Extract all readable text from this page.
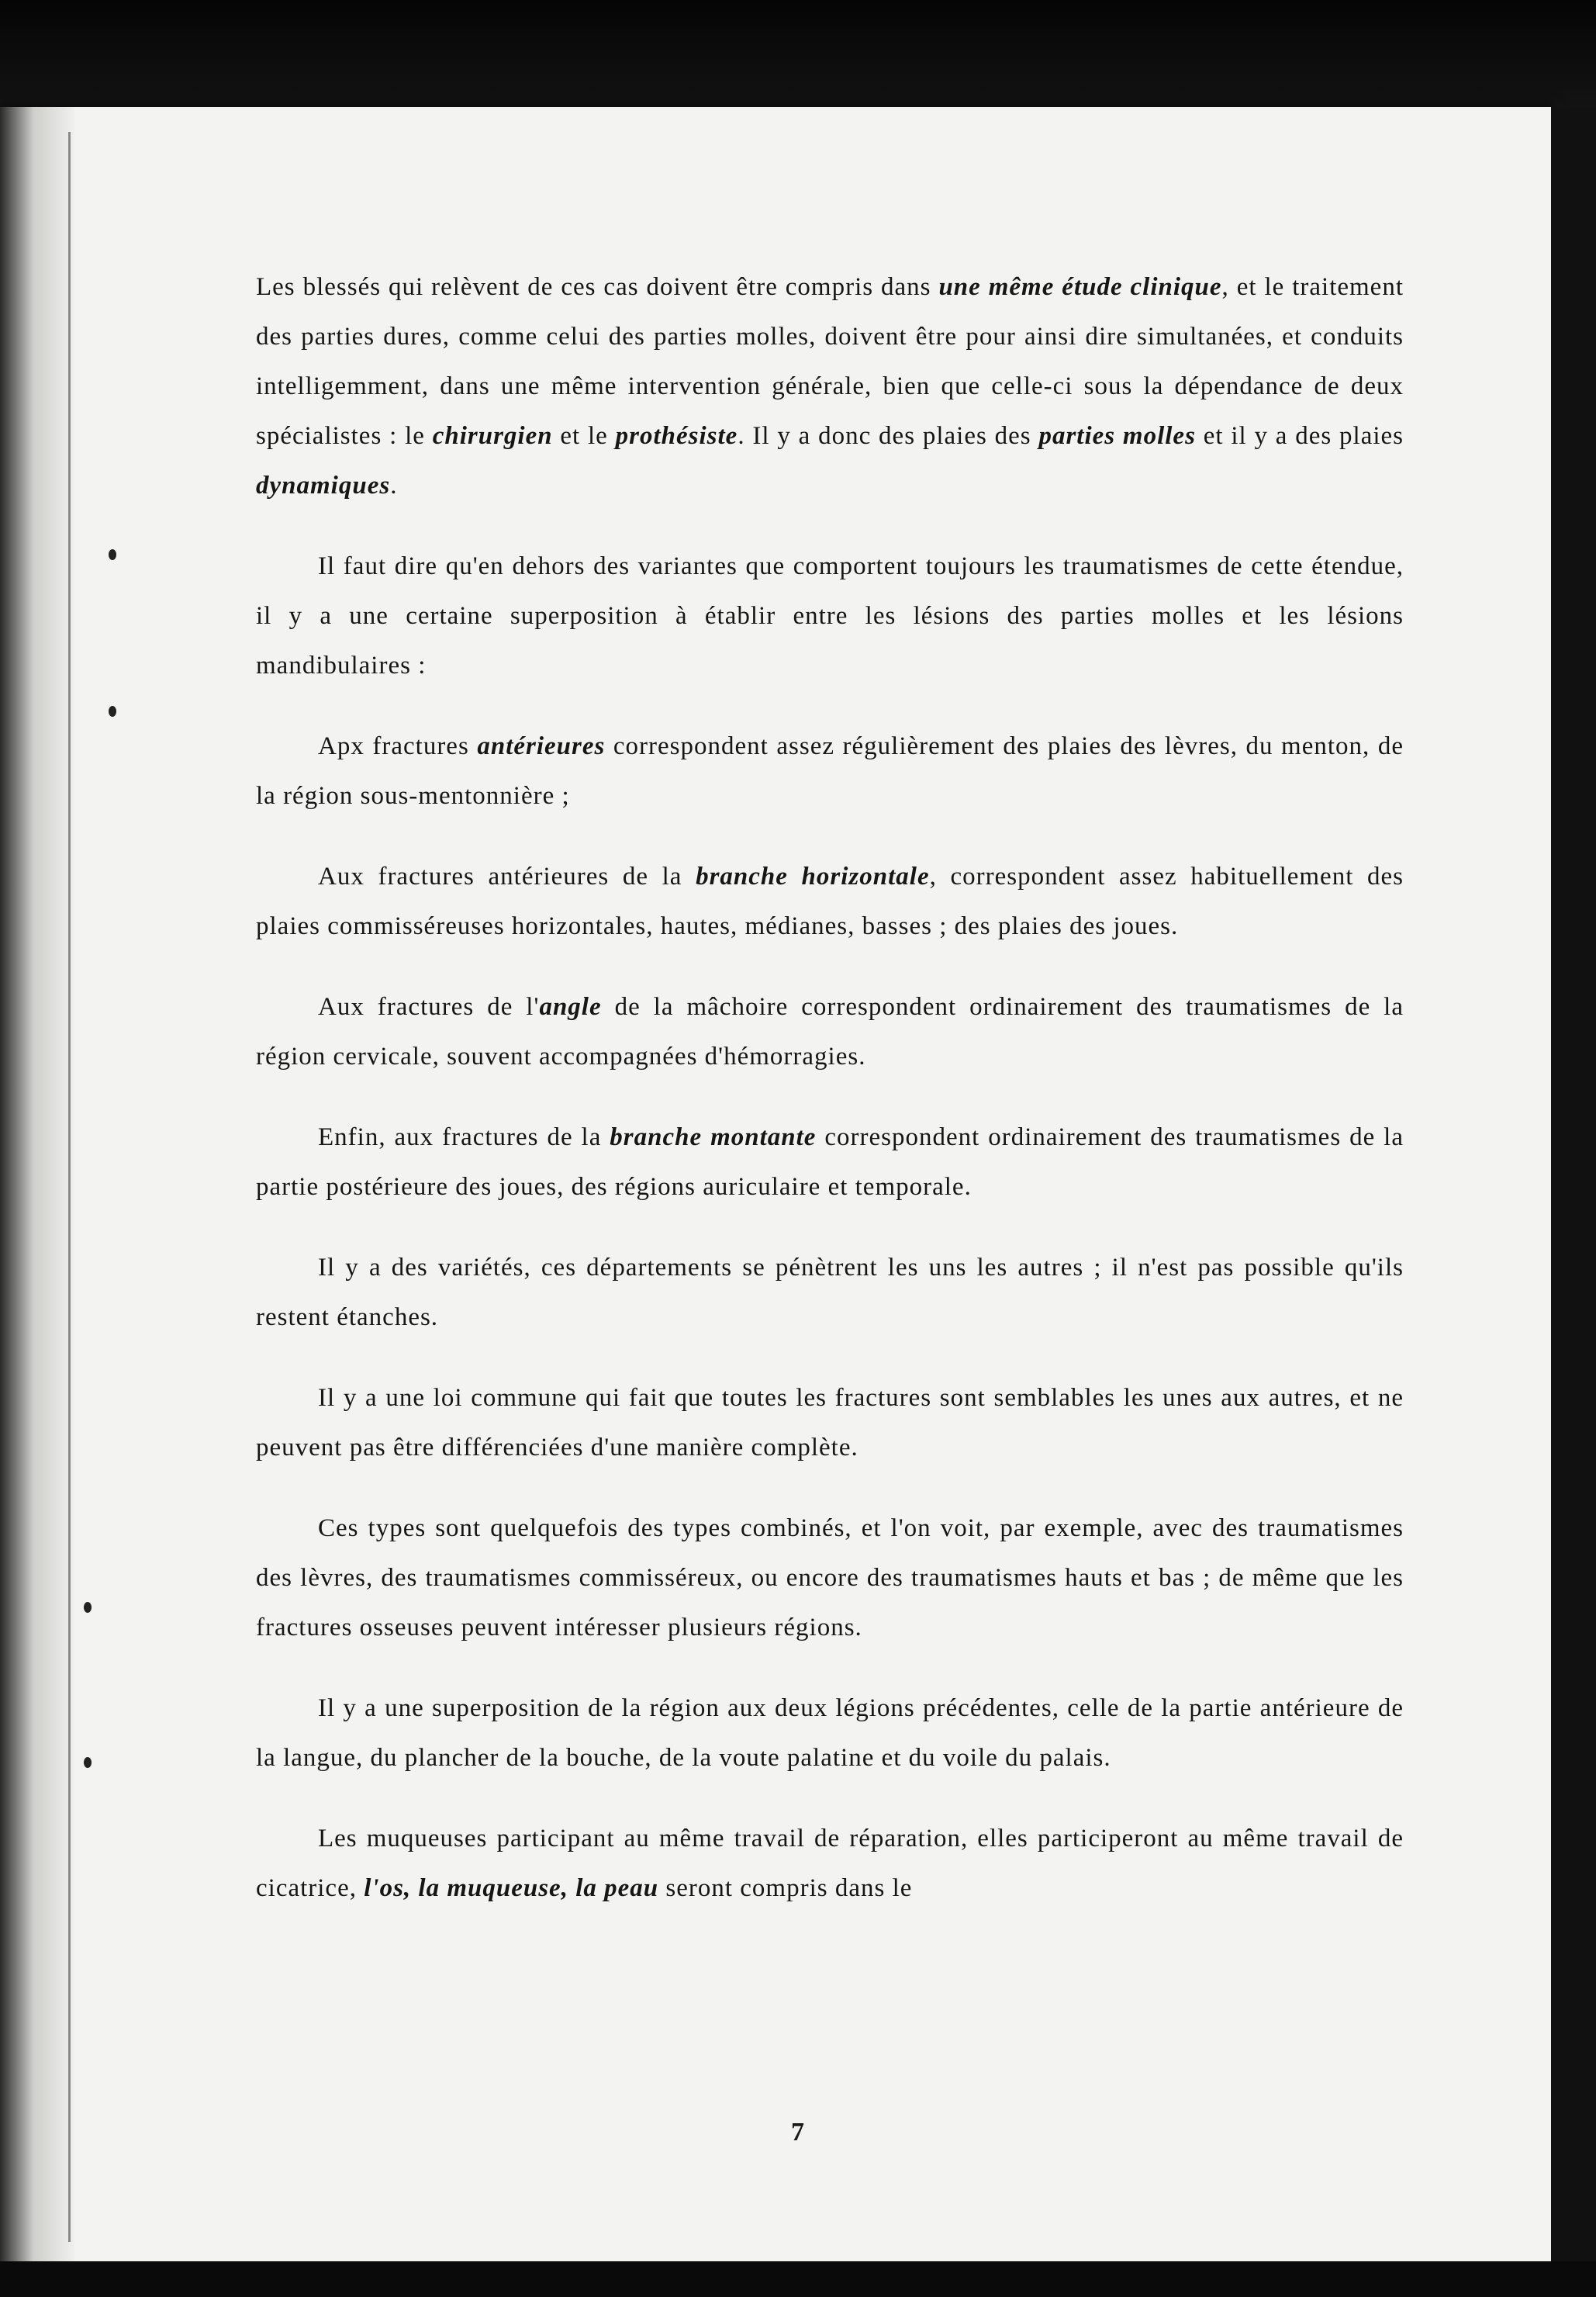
Les blessés qui relèvent de ces cas doivent être compris dans une même étude clinique, et le traitement des parties dures, comme celui des parties molles, doivent être pour ainsi dire simultanées, et conduits intelligemment, dans une même intervention générale, bien que celle-ci sous la dépendance de deux spécialistes : le chirurgien et le prothésiste. Il y a donc des plaies des parties molles et il y a des plaies dynamiques.

Il faut dire qu'en dehors des variantes que comportent toujours les traumatismes de cette étendue, il y a une certaine superposition à établir entre les lésions des parties molles et les lésions mandibulaires :

Apx fractures antérieures correspondent assez régulièrement des plaies des lèvres, du menton, de la région sous-mentonnière ;

Aux fractures antérieures de la branche horizontale, correspondent assez habituellement des plaies commisséreuses horizontales, hautes, médianes, basses ; des plaies des joues.

Aux fractures de l'angle de la mâchoire correspondent ordinairement des traumatismes de la région cervicale, souvent accompagnées d'hémorragies.

Enfin, aux fractures de la branche montante correspondent ordinairement des traumatismes de la partie postérieure des joues, des régions auriculaire et temporale.

Il y a des variétés, ces départements se pénètrent les uns les autres ; il n'est pas possible qu'ils restent étanches.

Il y a une loi commune qui fait que toutes les fractures sont semblables les unes aux autres, et ne peuvent pas être différenciées d'une manière complète.

Ces types sont quelquefois des types combinés, et l'on voit, par exemple, avec des traumatismes des lèvres, des traumatismes commisséreux, ou encore des traumatismes hauts et bas ; de même que les fractures osseuses peuvent intéresser plusieurs régions.

Il y a une superposition de la région aux deux légions précédentes, celle de la partie antérieure de la langue, du plancher de la bouche, de la voute palatine et du voile du palais.

Les muqueuses participant au même travail de réparation, elles participeront au même travail de cicatrice, l'os, la muqueuse, la peau seront compris dans le

7
